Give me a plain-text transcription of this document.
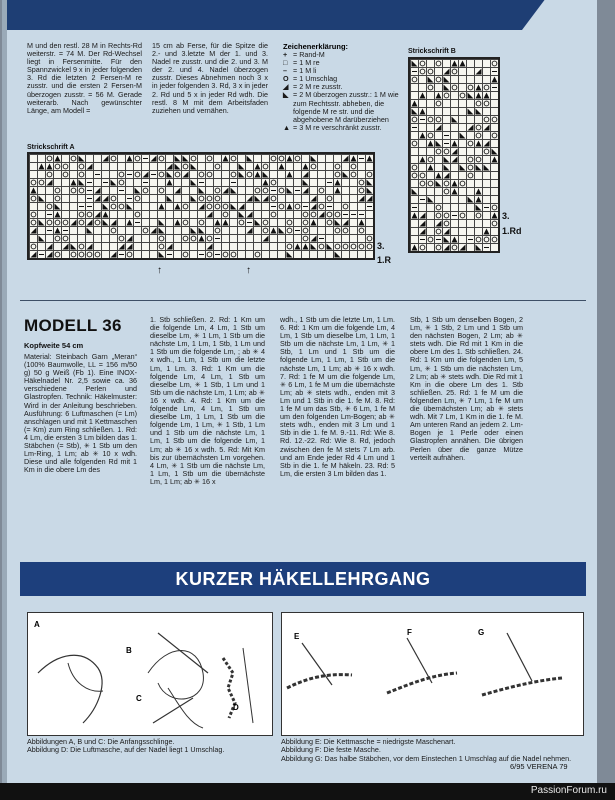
M und den restl. 28 M in Rechts-Rd weiterstr. = 74 M. Der Rd-Wechsel liegt in Fersenmitte. Für den Spannzwickel 9 x in jeder folgenden 3. Rd die letzten 2 Fersen-M re zusstr. und die ersten 2 Fersen-M überzogen zusstr. = 56 M. Gerade weiterarb. Nach gewünschter Länge, am Modell =

15 cm ab Ferse, für die Spitze die 2.- und 3.letzte M der 1. und 3. Nadel re zusstr. und die 2. und 3. M der 2. und 4. Nadel überzogen zusstr. Dieses Abnehmen noch 3 x in jeder folgenden 3. Rd, 3 x in jeder 2. Rd und 5 x in jeder Rd wdh. Die restl. 8 M mit dem Arbeitsfaden zuziehen und vernähen.

Zeichenerklärung:
+ = Rand-M
□ = 1 M re
– = 1 M li
O = 1 Umschlag
◢ = 2 M re zusstr.
◣ = 2 M überzogen zusstr.: 1 M wie zum Rechtsstr. abheben, die folgende M re str. und die abgehobene M darüberziehen
▲ = 3 M re verschränkt zusstr.
Strickschrift B
3.
1.Rd
Strickschrift A
3.
1.R
↑	↑
MODELL 36
Kopfweite 54 cm

Material: Steinbach Garn „Meran“ (100% Baumwolle, LL = 156 m/50 g) 50 g Weiß (Fb 1). Eine INOX-Häkelnadel Nr. 2,5 sowie ca. 36 verschiedene Perlen und Glastropfen. Technik: Häkelmuster: Wird in der Anleitung beschrieben. Ausführung: 6 Luftmaschen (= Lm) anschlagen und mit 1 Kettmaschen (= Km) zum Ring schließen. 1. Rd: 4 Lm, die ersten 3 Lm bilden das 1. Stäbchen (= Stb), ✳ 1 Stb um den Lm-Ring, 1 Lm; ab ✳ 10 x wdh. Diese und alle folgenden Rd mit 1 Km in die obere Lm des

1. Stb schließen. 2. Rd: 1 Km um die folgende Lm, 4 Lm, 1 Stb um dieselbe Lm, ✳ 1 Lm, 1 Stb um die nächste Lm, 1 Lm, 1 Stb, 1 Lm und 1 Stb um die folgende Lm, ; ab ✳ 4 x wdh., 1 Lm, 1 Stb um die letzte Lm, 1 Lm. 3. Rd: 1 Km um die folgende Lm, 4 Lm, 1 Stb um dieselbe Lm, ✳ 1 Stb, 1 Lm und 1 Stb um die nächste Lm, 1 Lm; ab ✳ 16 x wdh. 4. Rd: 1 Km um die folgende Lm, 4 Lm, 1 Stb um dieselbe Lm, 1 Lm, 1 Stb um die folgende Lm, 1 Lm, ✳ 1 Stb, 1 Lm und 1 Stb um die nächste Lm, 1 Lm, 1 Stb um die folgende Lm, 1 Lm; ab ✳ 16 x wdh. 5. Rd: Mit Km bis zur übernächsten Lm vorgehen. 4 Lm, ✳ 1 Stb um die nächste Lm, 1 Lm, 1 Stb um die übernächste Lm, 1 Lm; ab ✳ 16 x

wdh., 1 Stb um die letzte Lm, 1 Lm. 6. Rd: 1 Km um die folgende Lm, 4 Lm, 1 Stb um dieselbe Lm, 1 Lm, 1 Stb um die nächste Lm, 1 Lm, ✳ 1 Stb, 1 Lm und 1 Stb um die folgende Lm, 1 Lm, 1 Stb um die nächste Lm, 1 Lm; ab ✳ 16 x wdh. 7. Rd: 1 fe M um die folgende Lm, ✳ 6 Lm, 1 fe M um die übernächste Lm; ab ✳ stets wdh., enden mit 3 Lm und 1 Stb in die 1. fe M. 8. Rd: 1 fe M um das Stb, ✳ 6 Lm, 1 fe M um den folgenden Lm-Bogen; ab ✳ stets wdh., enden mit 3 Lm und 1 Stb in die 1. fe M. 9.-11. Rd: Wie 8. Rd. 12.-22. Rd: Wie 8. Rd, jedoch zwischen den fe M stets 7 Lm arb. und am Ende jeder Rd 4 Lm und 1 Stb in die 1. fe M häkeln. 23. Rd: 5 Lm, die ersten 3 Lm bilden das 1.

Stb, 1 Stb um denselben Bogen, 2 Lm, ✳ 1 Stb, 2 Lm und 1 Stb um den nächsten Bogen, 2 Lm; ab ✳ stets wdh. Die Rd mit 1 Km in die obere Lm des 1. Stb schließen. 24. Rd: 1 Km um die folgenden Lm, 5 Lm, ✳ 1 Stb um die nächsten Lm, 2 Lm; ab ✳ stets wdh. Die Rd mit 1 Km in die obere Lm des 1. Stb schließen. 25. Rd: 1 fe M um die folgenden Lm, ✳ 7 Lm, 1 fe M um die übernächsten Lm; ab ✳ stets wdh. Mit 7 Lm, 1 Km in die 1. fe M. Am unteren Rand an jedem 2. Lm-Bogen je 1 Perle oder einen Glastropfen annähen. Die übrigen Perlen über die ganze Mütze verteilt aufnähen.

KURZER HÄKELLEHRGANG
A
B
C
D
E	F	G
Abbildungen A, B und C: Die Anfangsschlinge.
Abbildung D: Die Luftmasche, auf der Nadel liegt 1 Umschlag.
Abbildung E: Die Kettmasche = niedrigste Maschenart.
Abbildung F: Die feste Masche.
Abbildung G: Das halbe Stäbchen, vor dem Einstechen 1 Umschlag auf die Nadel nehmen.
6/95 VERENA 79
PassionForum.ru
